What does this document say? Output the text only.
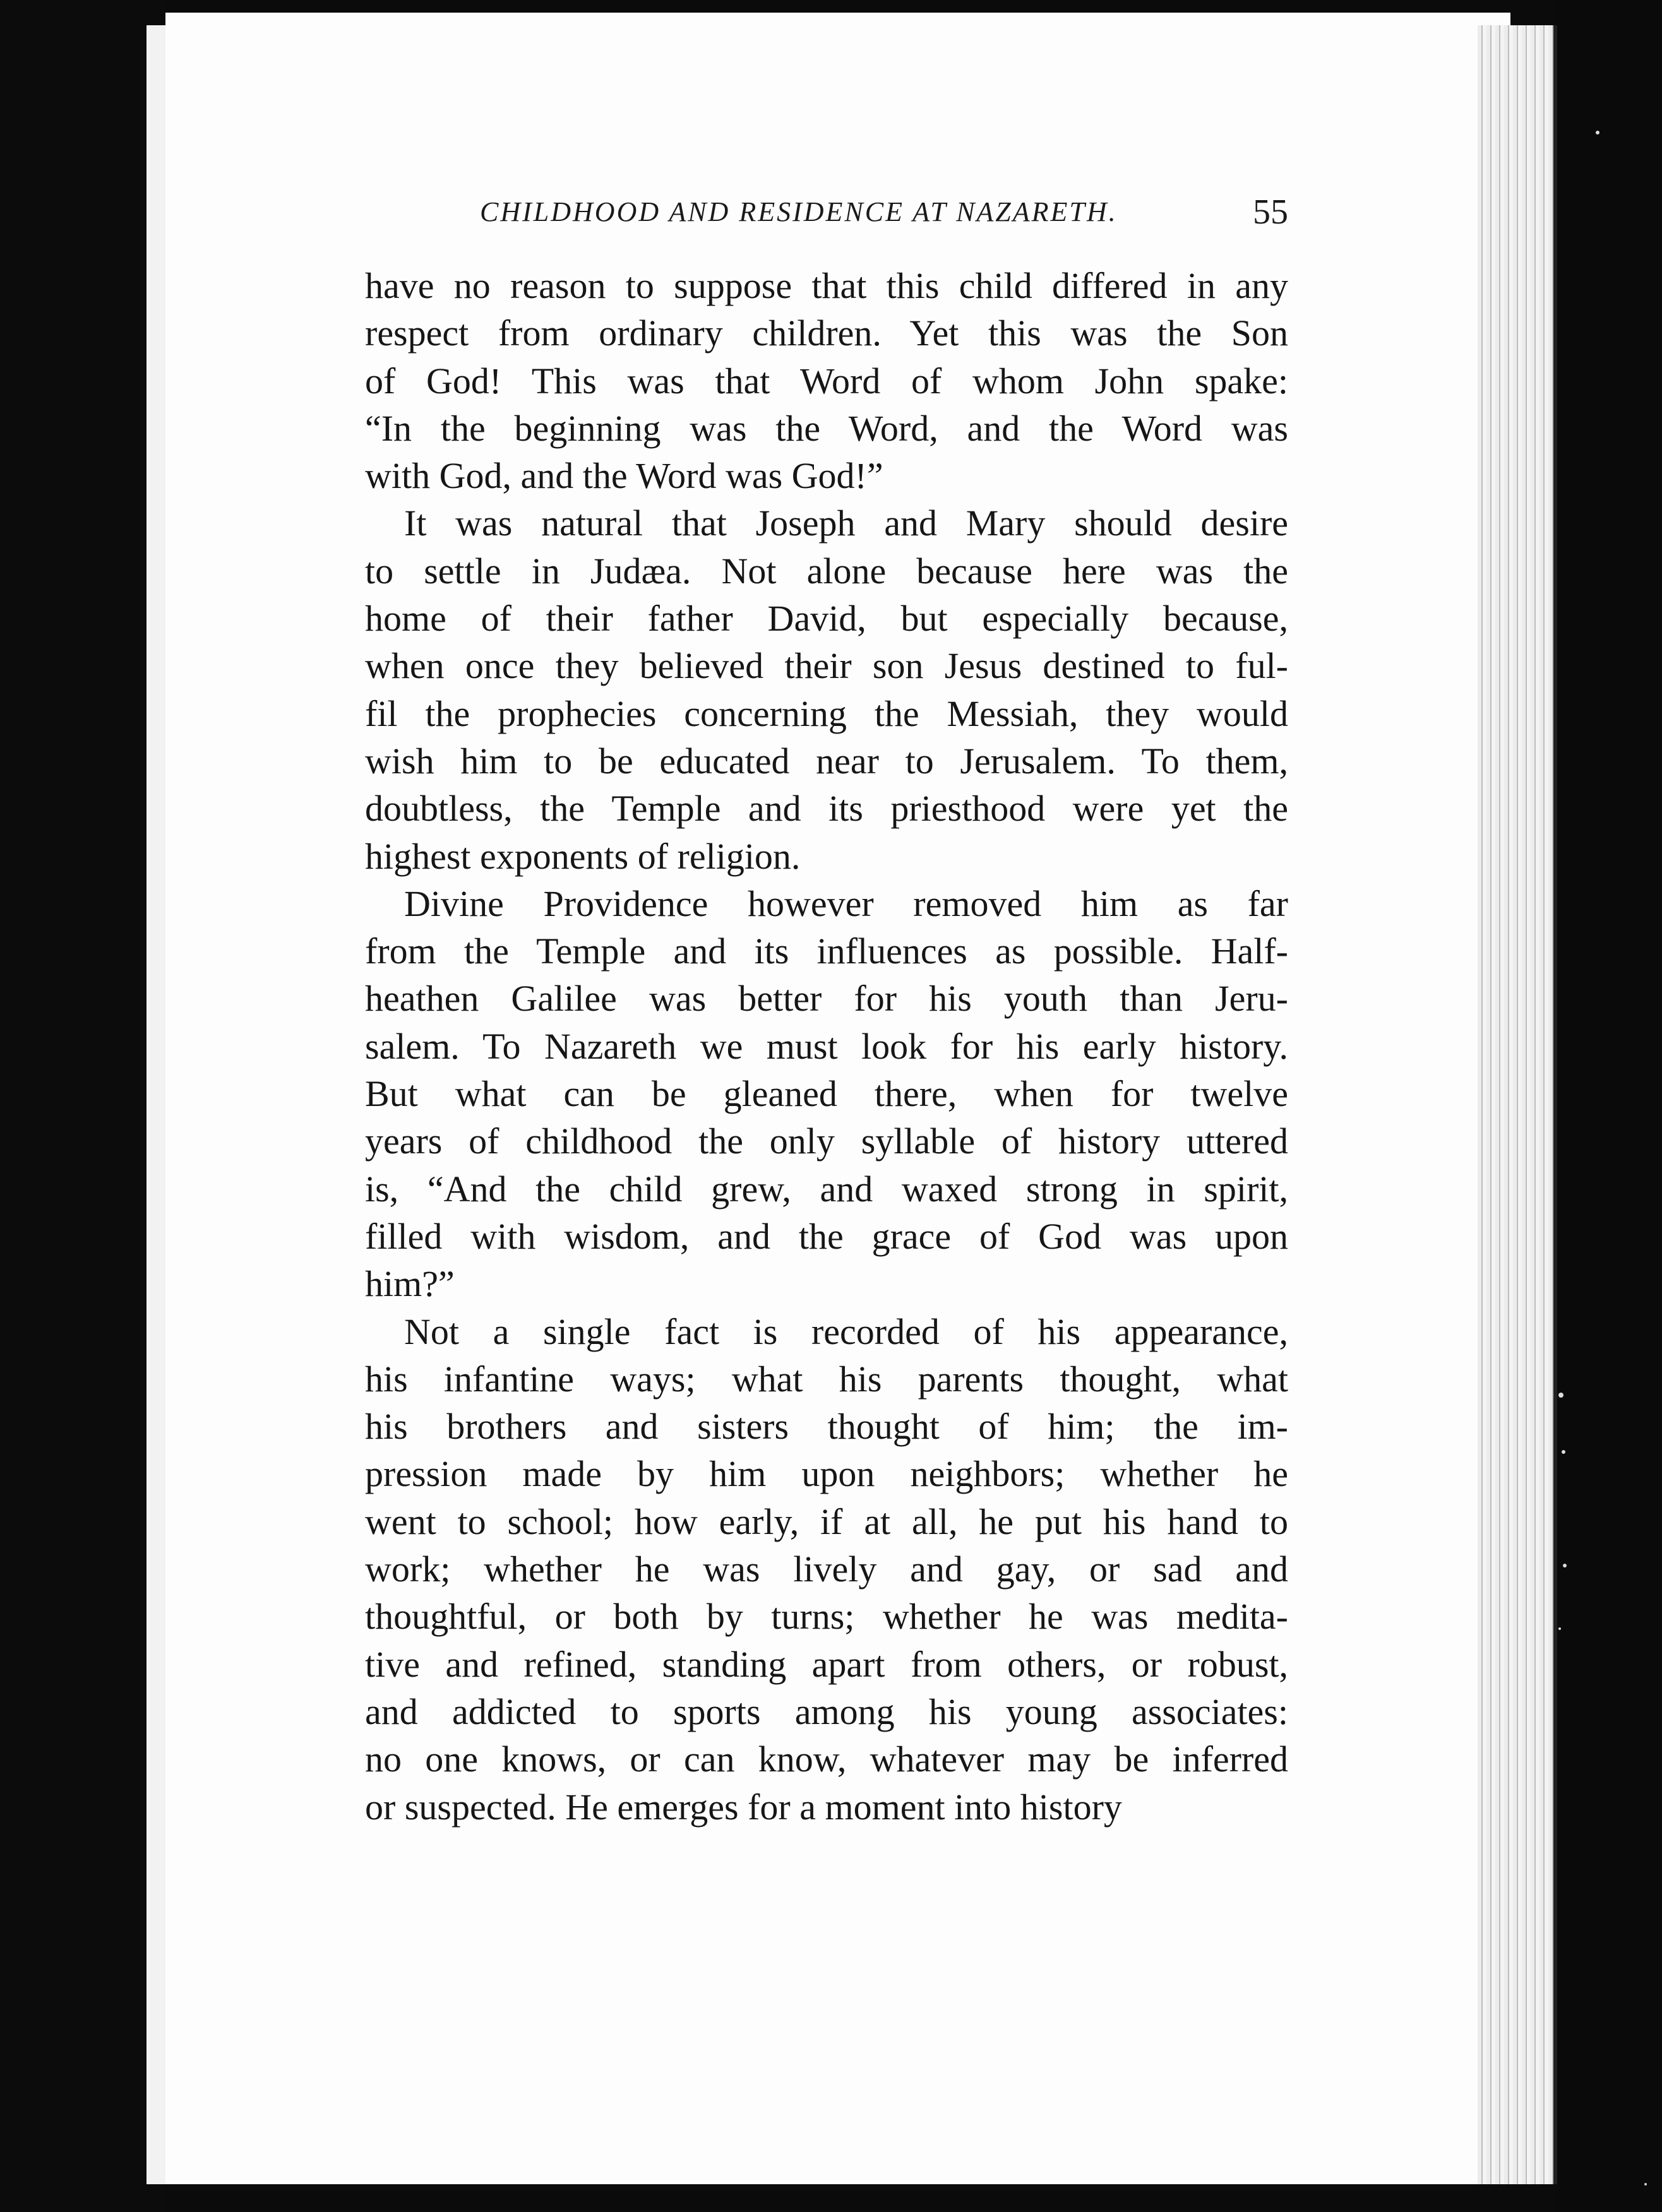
CHILDHOOD AND RESIDENCE AT NAZARETH.	55
have no reason to suppose that this child differed in any
respect from ordinary children. Yet this was the Son
of God! This was that Word of whom John spake:
“In the beginning was the Word, and the Word was
with God, and the Word was God!”
It was natural that Joseph and Mary should desire
to settle in Judæa. Not alone because here was the
home of their father David, but especially because,
when once they believed their son Jesus destined to ful-
fil the prophecies concerning the Messiah, they would
wish him to be educated near to Jerusalem. To them,
doubtless, the Temple and its priesthood were yet the
highest exponents of religion.
Divine Providence however removed him as far
from the Temple and its influences as possible. Half-
heathen Galilee was better for his youth than Jeru-
salem. To Nazareth we must look for his early history.
But what can be gleaned there, when for twelve
years of childhood the only syllable of history uttered
is, “And the child grew, and waxed strong in spirit,
filled with wisdom, and the grace of God was upon
him?”
Not a single fact is recorded of his appearance,
his infantine ways; what his parents thought, what
his brothers and sisters thought of him; the im-
pression made by him upon neighbors; whether he
went to school; how early, if at all, he put his hand to
work; whether he was lively and gay, or sad and
thoughtful, or both by turns; whether he was medita-
tive and refined, standing apart from others, or robust,
and addicted to sports among his young associates:
no one knows, or can know, whatever may be inferred
or suspected. He emerges for a moment into history
